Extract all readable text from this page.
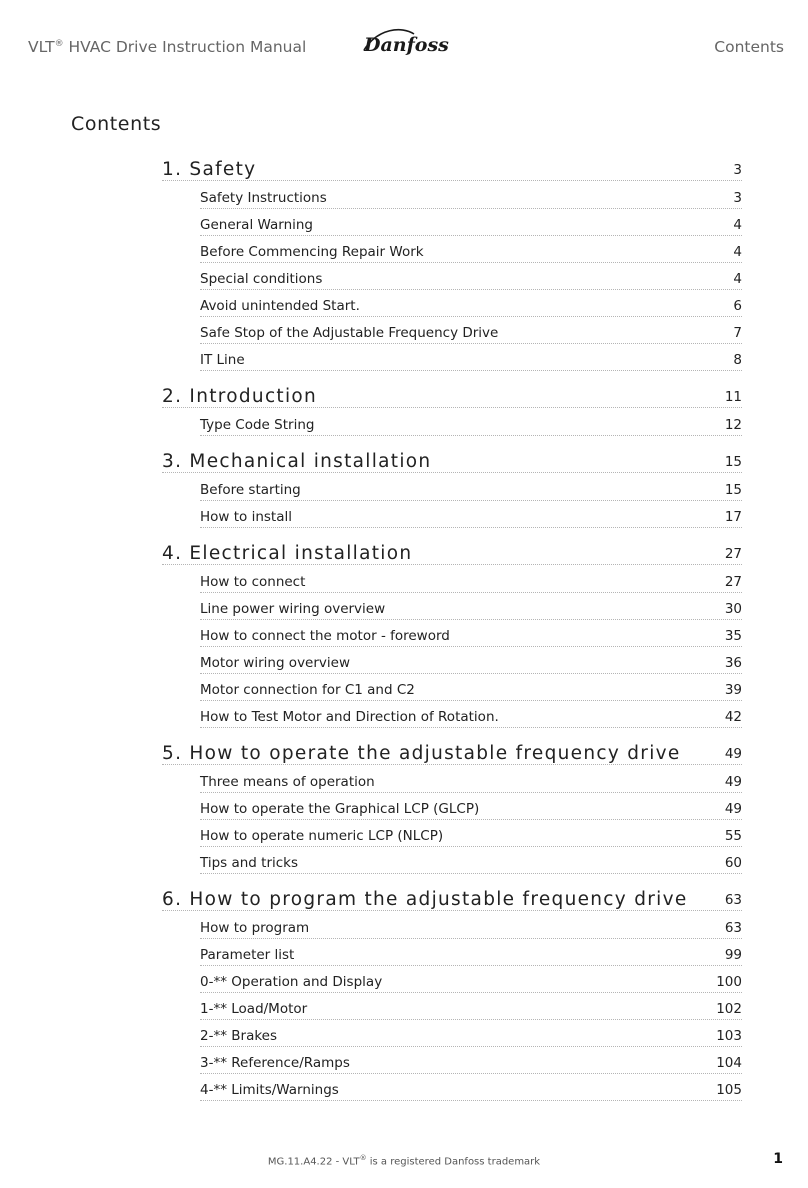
VLT® HVAC Drive Instruction Manual	Danfoss	Contents
Contents
1. Safety	3
Safety Instructions	3
General Warning	4
Before Commencing Repair Work	4
Special conditions	4
Avoid unintended Start.	6
Safe Stop of the Adjustable Frequency Drive	7
IT Line	8
2. Introduction	11
Type Code String	12
3. Mechanical installation	15
Before starting	15
How to install	17
4. Electrical installation	27
How to connect	27
Line power wiring overview	30
How to connect the motor - foreword	35
Motor wiring overview	36
Motor connection for C1 and C2	39
How to Test Motor and Direction of Rotation.	42
5. How to operate the adjustable frequency drive	49
Three means of operation	49
How to operate the Graphical LCP (GLCP)	49
How to operate numeric LCP (NLCP)	55
Tips and tricks	60
6. How to program the adjustable frequency drive	63
How to program	63
Parameter list	99
0-** Operation and Display	100
1-** Load/Motor	102
2-** Brakes	103
3-** Reference/Ramps	104
4-** Limits/Warnings	105
MG.11.A4.22 - VLT® is a registered Danfoss trademark	1
